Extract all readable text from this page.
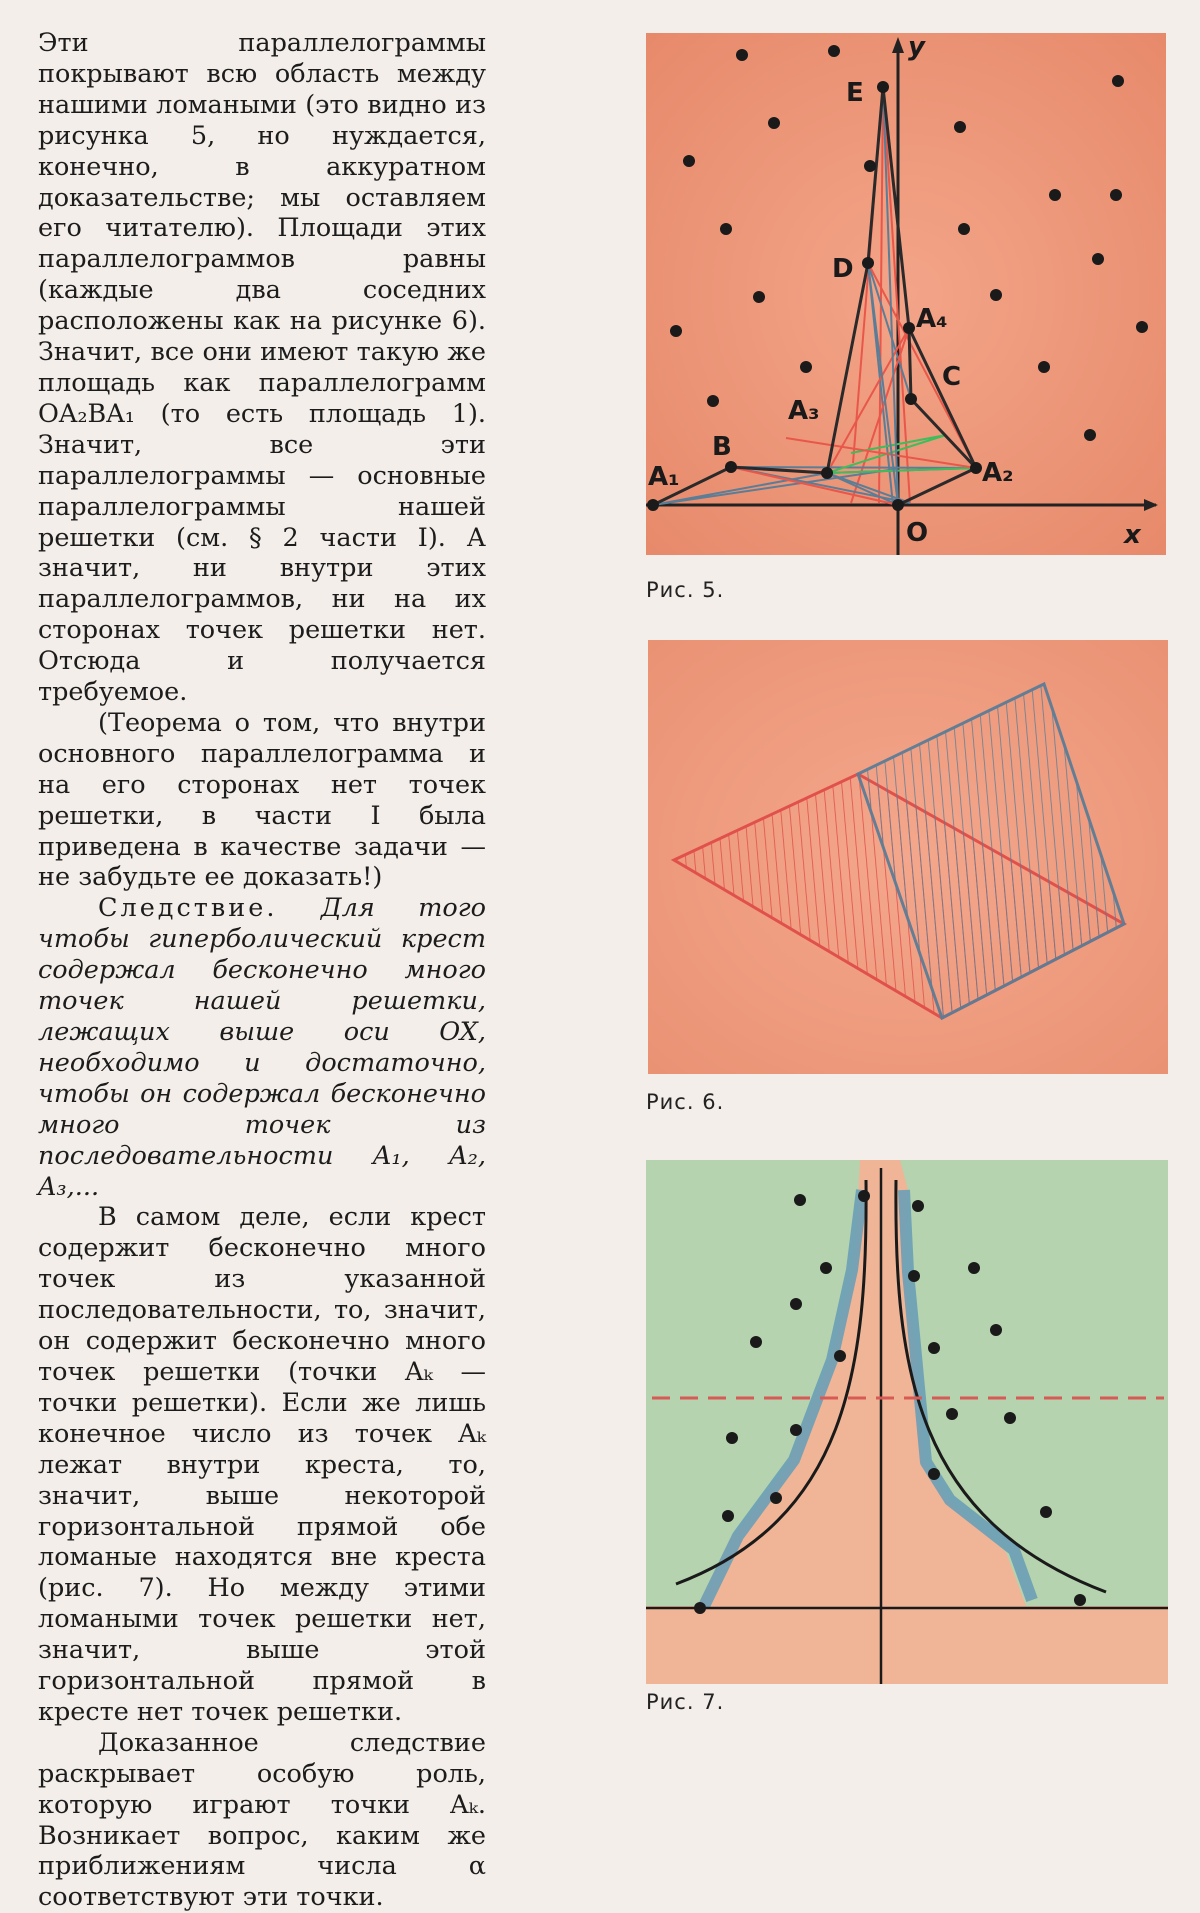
Эти параллелограммы покрывают всю область между нашими ломаными (это видно из рисунка 5, но нуждается, конечно, в аккуратном доказательстве; мы оставляем его читателю). Площади этих параллелограммов равны (каждые два соседних расположены как на рисунке 6). Значит, все они имеют такую же площадь как параллелограмм OA₂BA₁ (то есть площадь 1). Значит, все эти параллелограммы — основные параллелограммы нашей решетки (см. § 2 части I). А значит, ни внутри этих параллелограммов, ни на их сторонах точек решетки нет. Отсюда и получается требуемое.

(Теорема о том, что внутри основного параллелограмма и на его сторонах нет точек решетки, в части I была приведена в качестве задачи — не забудьте ее доказать!)

Следствие. Для того чтобы гиперболический крест содержал бесконечно много точек нашей решетки, лежащих выше оси OX, необходимо и достаточно, чтобы он содержал бесконечно много точек из последовательности A₁, A₂, A₃,...

В самом деле, если крест содержит бесконечно много точек из указанной последовательности, то, значит, он содержит бесконечно много точек решетки (точки Aₖ — точки решетки). Если же лишь конечное число из точек Aₖ лежат внутри креста, то, значит, выше некоторой горизонтальной прямой обе ломаные находятся вне креста (рис. 7). Но между этими ломаными точек решетки нет, значит, выше этой горизонтальной прямой в кресте нет точек решетки.

Доказанное следствие раскрывает особую роль, которую играют точки Aₖ. Возникает вопрос, каким же приближениям числа α соответствуют эти точки.

A₁
B
A₃
A₂
C
A₄
D
E
O	x
y
Рис. 5.
Рис. 6.
Рис. 7.
